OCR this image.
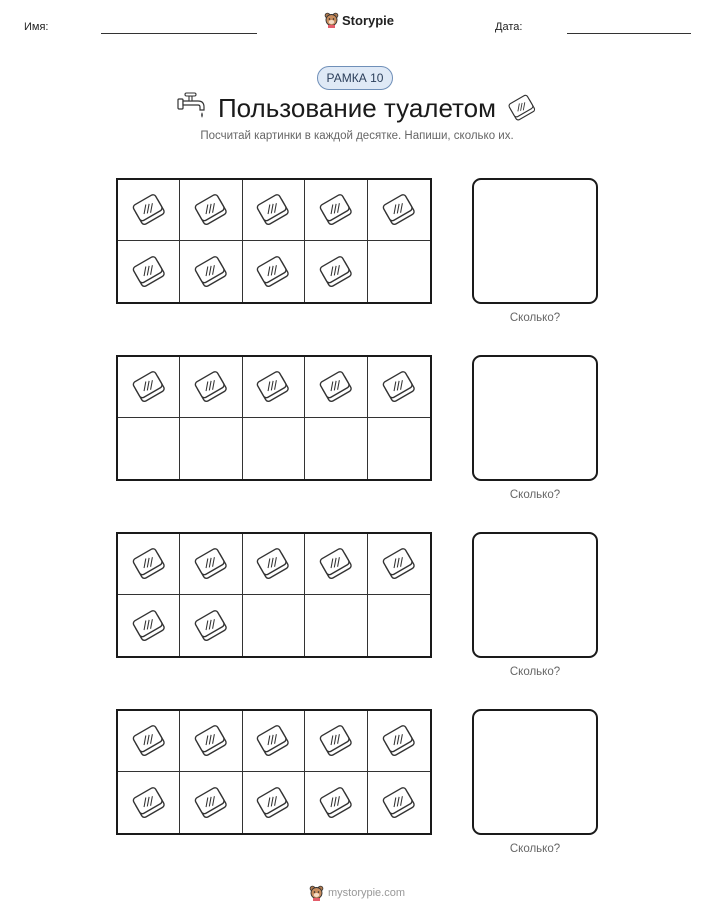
Имя:	Storypie	Дата:
РАМКА 10
Пользование туалетом
Посчитай картинки в каждой десятке. Напиши, сколько их.
Сколько?
Сколько?
Сколько?
Сколько?
mystorypie.com
